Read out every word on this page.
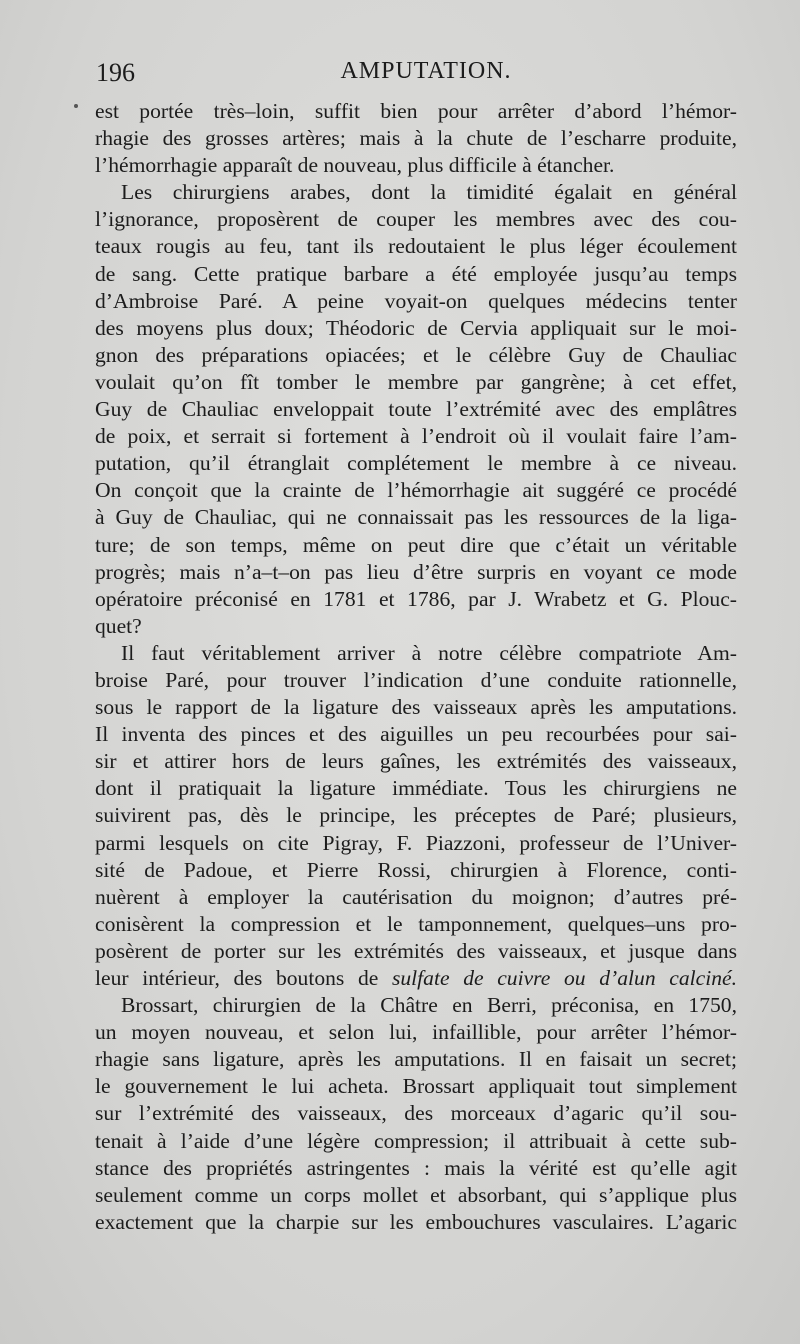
196	AMPUTATION.
est portée très–loin, suffit bien pour arrêter d’abord l’hémor-
rhagie des grosses artères; mais à la chute de l’escharre produite,
l’hémorrhagie apparaît de nouveau, plus difficile à étancher.
Les chirurgiens arabes, dont la timidité égalait en général
l’ignorance, proposèrent de couper les membres avec des cou-
teaux rougis au feu, tant ils redoutaient le plus léger écoulement
de sang. Cette pratique barbare a été employée jusqu’au temps
d’Ambroise Paré. A peine voyait-on quelques médecins tenter
des moyens plus doux; Théodoric de Cervia appliquait sur le moi-
gnon des préparations opiacées; et le célèbre Guy de Chauliac
voulait qu’on fît tomber le membre par gangrène; à cet effet,
Guy de Chauliac enveloppait toute l’extrémité avec des emplâtres
de poix, et serrait si fortement à l’endroit où il voulait faire l’am-
putation, qu’il étranglait complétement le membre à ce niveau.
On conçoit que la crainte de l’hémorrhagie ait suggéré ce procédé
à Guy de Chauliac, qui ne connaissait pas les ressources de la liga-
ture; de son temps, même on peut dire que c’était un véritable
progrès; mais n’a–t–on pas lieu d’être surpris en voyant ce mode
opératoire préconisé en 1781 et 1786, par J. Wrabetz et G. Plouc-
quet?
Il faut véritablement arriver à notre célèbre compatriote Am-
broise Paré, pour trouver l’indication d’une conduite rationnelle,
sous le rapport de la ligature des vaisseaux après les amputations.
Il inventa des pinces et des aiguilles un peu recourbées pour sai-
sir et attirer hors de leurs gaînes, les extrémités des vaisseaux,
dont il pratiquait la ligature immédiate. Tous les chirurgiens ne
suivirent pas, dès le principe, les préceptes de Paré; plusieurs,
parmi lesquels on cite Pigray, F. Piazzoni, professeur de l’Univer-
sité de Padoue, et Pierre Rossi, chirurgien à Florence, conti-
nuèrent à employer la cautérisation du moignon; d’autres pré-
conisèrent la compression et le tamponnement, quelques–uns pro-
posèrent de porter sur les extrémités des vaisseaux, et jusque dans
leur intérieur, des boutons de sulfate de cuivre ou d’alun calciné.
Brossart, chirurgien de la Châtre en Berri, préconisa, en 1750,
un moyen nouveau, et selon lui, infaillible, pour arrêter l’hémor-
rhagie sans ligature, après les amputations. Il en faisait un secret;
le gouvernement le lui acheta. Brossart appliquait tout simplement
sur l’extrémité des vaisseaux, des morceaux d’agaric qu’il sou-
tenait à l’aide d’une légère compression; il attribuait à cette sub-
stance des propriétés astringentes : mais la vérité est qu’elle agit
seulement comme un corps mollet et absorbant, qui s’applique plus
exactement que la charpie sur les embouchures vasculaires. L’agaric
